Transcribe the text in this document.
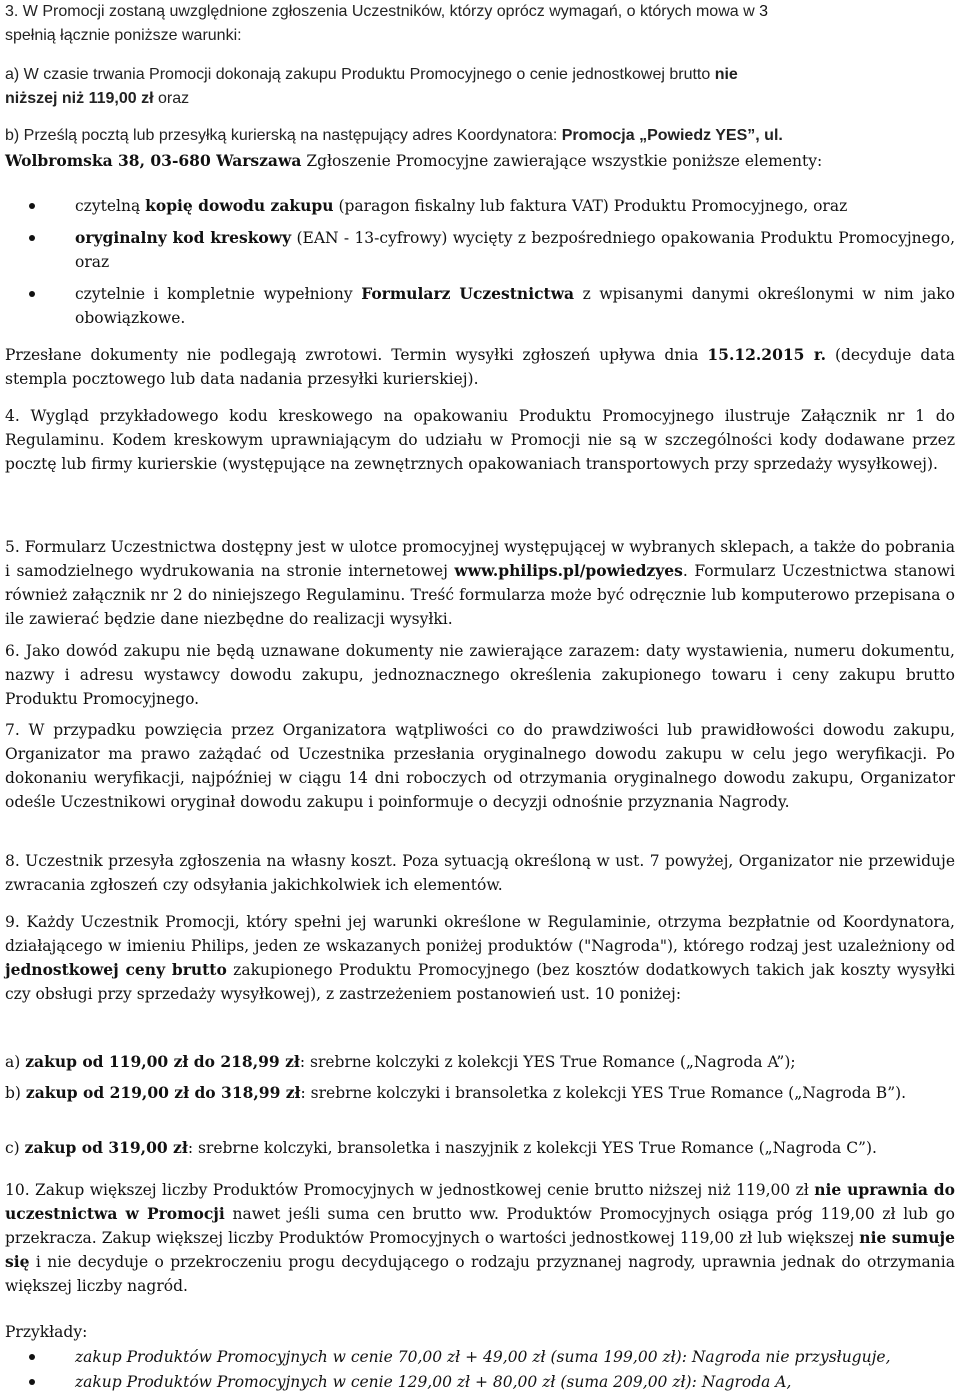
3. W Promocji zostaną uwzględnione zgłoszenia Uczestników, którzy oprócz wymagań, o których mowa w 3
spełnią łącznie poniższe warunki:

a) W czasie trwania Promocji dokonają zakupu Produktu Promocyjnego o cenie jednostkowej brutto nie
niższej niż 119,00 zł oraz

b) Prześlą pocztą lub przesyłką kurierską na następujący adres Koordynatora: Promocja „Powiedz YES”, ul.

Wolbromska 38, 03-680 Warszawa Zgłoszenie Promocyjne zawierające wszystkie poniższe elementy:

czytelną kopię dowodu zakupu (paragon fiskalny lub faktura VAT) Produktu Promocyjnego, oraz
oryginalny kod kreskowy (EAN - 13-cyfrowy) wycięty z bezpośredniego opakowania Produktu Promocyjnego, oraz
czytelnie i kompletnie wypełniony Formularz Uczestnictwa z wpisanymi danymi określonymi w nim jako obowiązkowe.

Przesłane dokumenty nie podlegają zwrotowi. Termin wysyłki zgłoszeń upływa dnia 15.12.2015 r. (decyduje data stempla pocztowego lub data nadania przesyłki kurierskiej).

4. Wygląd przykładowego kodu kreskowego na opakowaniu Produktu Promocyjnego ilustruje Załącznik nr 1 do Regulaminu. Kodem kreskowym uprawniającym do udziału w Promocji nie są w szczególności kody dodawane przez pocztę lub firmy kurierskie (występujące na zewnętrznych opakowaniach transportowych przy sprzedaży wysyłkowej).

5. Formularz Uczestnictwa dostępny jest w ulotce promocyjnej występującej w wybranych sklepach, a także do pobrania i samodzielnego wydrukowania na stronie internetowej www.philips.pl/powiedzyes. Formularz Uczestnictwa stanowi również załącznik nr 2 do niniejszego Regulaminu. Treść formularza może być odręcznie lub komputerowo przepisana o ile zawierać będzie dane niezbędne do realizacji wysyłki.

6. Jako dowód zakupu nie będą uznawane dokumenty nie zawierające zarazem: daty wystawienia, numeru dokumentu, nazwy i adresu wystawcy dowodu zakupu, jednoznacznego określenia zakupionego towaru i ceny zakupu brutto Produktu Promocyjnego.

7. W przypadku powzięcia przez Organizatora wątpliwości co do prawdziwości lub prawidłowości dowodu zakupu, Organizator ma prawo zażądać od Uczestnika przesłania oryginalnego dowodu zakupu w celu jego weryfikacji. Po dokonaniu weryfikacji, najpóźniej w ciągu 14 dni roboczych od otrzymania oryginalnego dowodu zakupu, Organizator odeśle Uczestnikowi oryginał dowodu zakupu i poinformuje o decyzji odnośnie przyznania Nagrody.

8. Uczestnik przesyła zgłoszenia na własny koszt. Poza sytuacją określoną w ust. 7 powyżej, Organizator nie przewiduje zwracania zgłoszeń czy odsyłania jakichkolwiek ich elementów.

9. Każdy Uczestnik Promocji, który spełni jej warunki określone w Regulaminie, otrzyma bezpłatnie od Koordynatora, działającego w imieniu Philips, jeden ze wskazanych poniżej produktów ("Nagroda"), którego rodzaj jest uzależniony od jednostkowej ceny brutto zakupionego Produktu Promocyjnego (bez kosztów dodatkowych takich jak koszty wysyłki czy obsługi przy sprzedaży wysyłkowej), z zastrzeżeniem postanowień ust. 10 poniżej:

a) zakup od 119,00 zł do 218,99 zł: srebrne kolczyki z kolekcji YES True Romance („Nagroda A”);

b) zakup od 219,00 zł do 318,99 zł: srebrne kolczyki i bransoletka z kolekcji YES True Romance („Nagroda B”).

c) zakup od 319,00 zł: srebrne kolczyki, bransoletka i naszyjnik z kolekcji YES True Romance („Nagroda C”).

10. Zakup większej liczby Produktów Promocyjnych w jednostkowej cenie brutto niższej niż 119,00 zł nie uprawnia do uczestnictwa w Promocji nawet jeśli suma cen brutto ww. Produktów Promocyjnych osiąga próg 119,00 zł lub go przekracza. Zakup większej liczby Produktów Promocyjnych o wartości jednostkowej 119,00 zł lub większej nie sumuje się i nie decyduje o przekroczeniu progu decydującego o rodzaju przyznanej nagrody, uprawnia jednak do otrzymania większej liczby nagród.

Przykłady:

zakup Produktów Promocyjnych w cenie 70,00 zł + 49,00 zł (suma 199,00 zł): Nagroda nie przysługuje,
zakup Produktów Promocyjnych w cenie 129,00 zł + 80,00 zł (suma 209,00 zł): Nagroda A,
